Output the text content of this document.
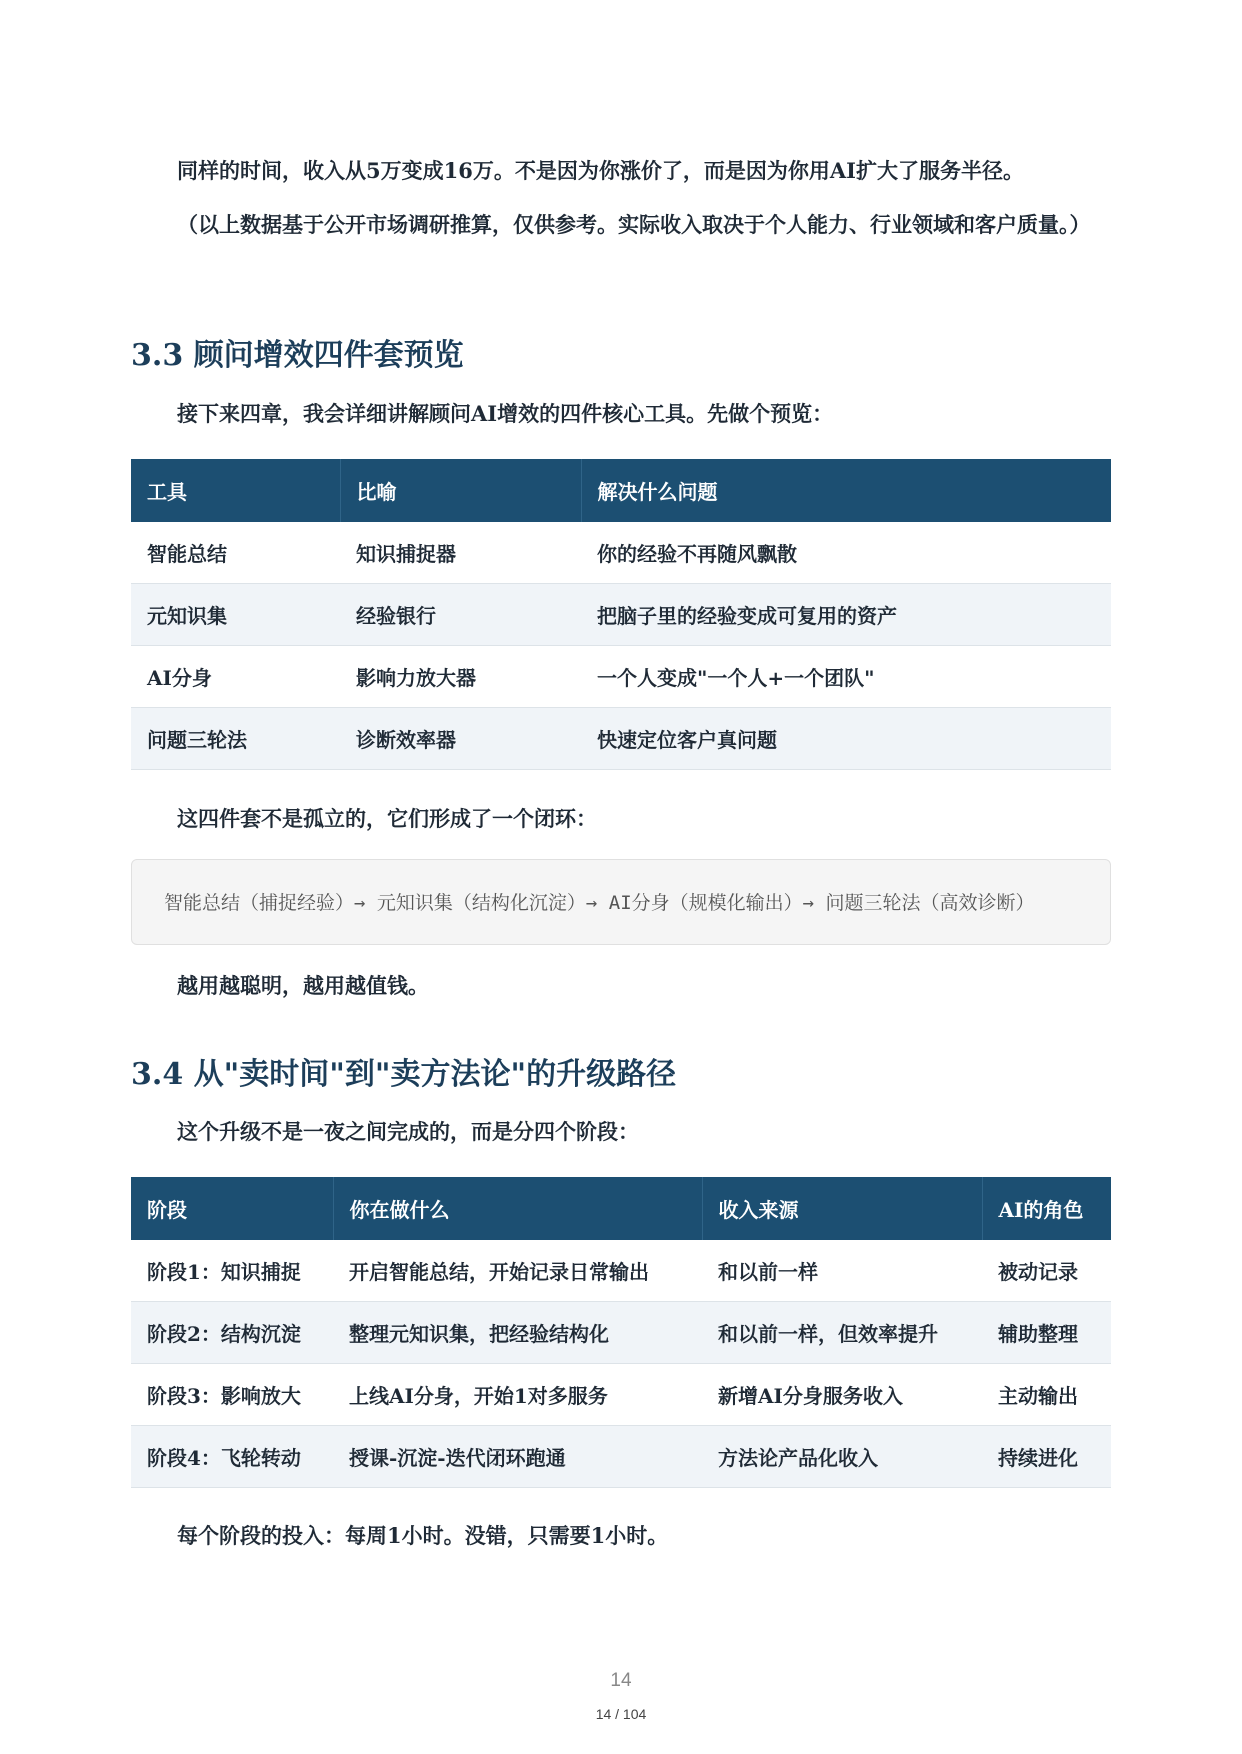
同样的时间，收入从5万变成16万。不是因为你涨价了，而是因为你用AI扩大了服务半径。
（以上数据基于公开市场调研推算，仅供参考。实际收入取决于个人能力、行业领域和客户质量。）
3.3 顾问增效四件套预览
接下来四章，我会详细讲解顾问AI增效的四件核心工具。先做个预览：
工具	比喻	解决什么问题
智能总结	知识捕捉器	你的经验不再随风飘散
元知识集	经验银行	把脑子里的经验变成可复用的资产
AI分身	影响力放大器	一个人变成"一个人+一个团队"
问题三轮法	诊断效率器	快速定位客户真问题
这四件套不是孤立的，它们形成了一个闭环：
智能总结（捕捉经验）→ 元知识集（结构化沉淀）→ AI分身（规模化输出）→ 问题三轮法（高效诊断）
越用越聪明，越用越值钱。
3.4 从"卖时间"到"卖方法论"的升级路径
这个升级不是一夜之间完成的，而是分四个阶段：
阶段	你在做什么	收入来源	AI的角色
阶段1：知识捕捉	开启智能总结，开始记录日常输出	和以前一样	被动记录
阶段2：结构沉淀	整理元知识集，把经验结构化	和以前一样，但效率提升	辅助整理
阶段3：影响放大	上线AI分身，开始1对多服务	新增AI分身服务收入	主动输出
阶段4：飞轮转动	授课-沉淀-迭代闭环跑通	方法论产品化收入	持续进化
每个阶段的投入：每周1小时。没错，只需要1小时。
14
14 / 104
